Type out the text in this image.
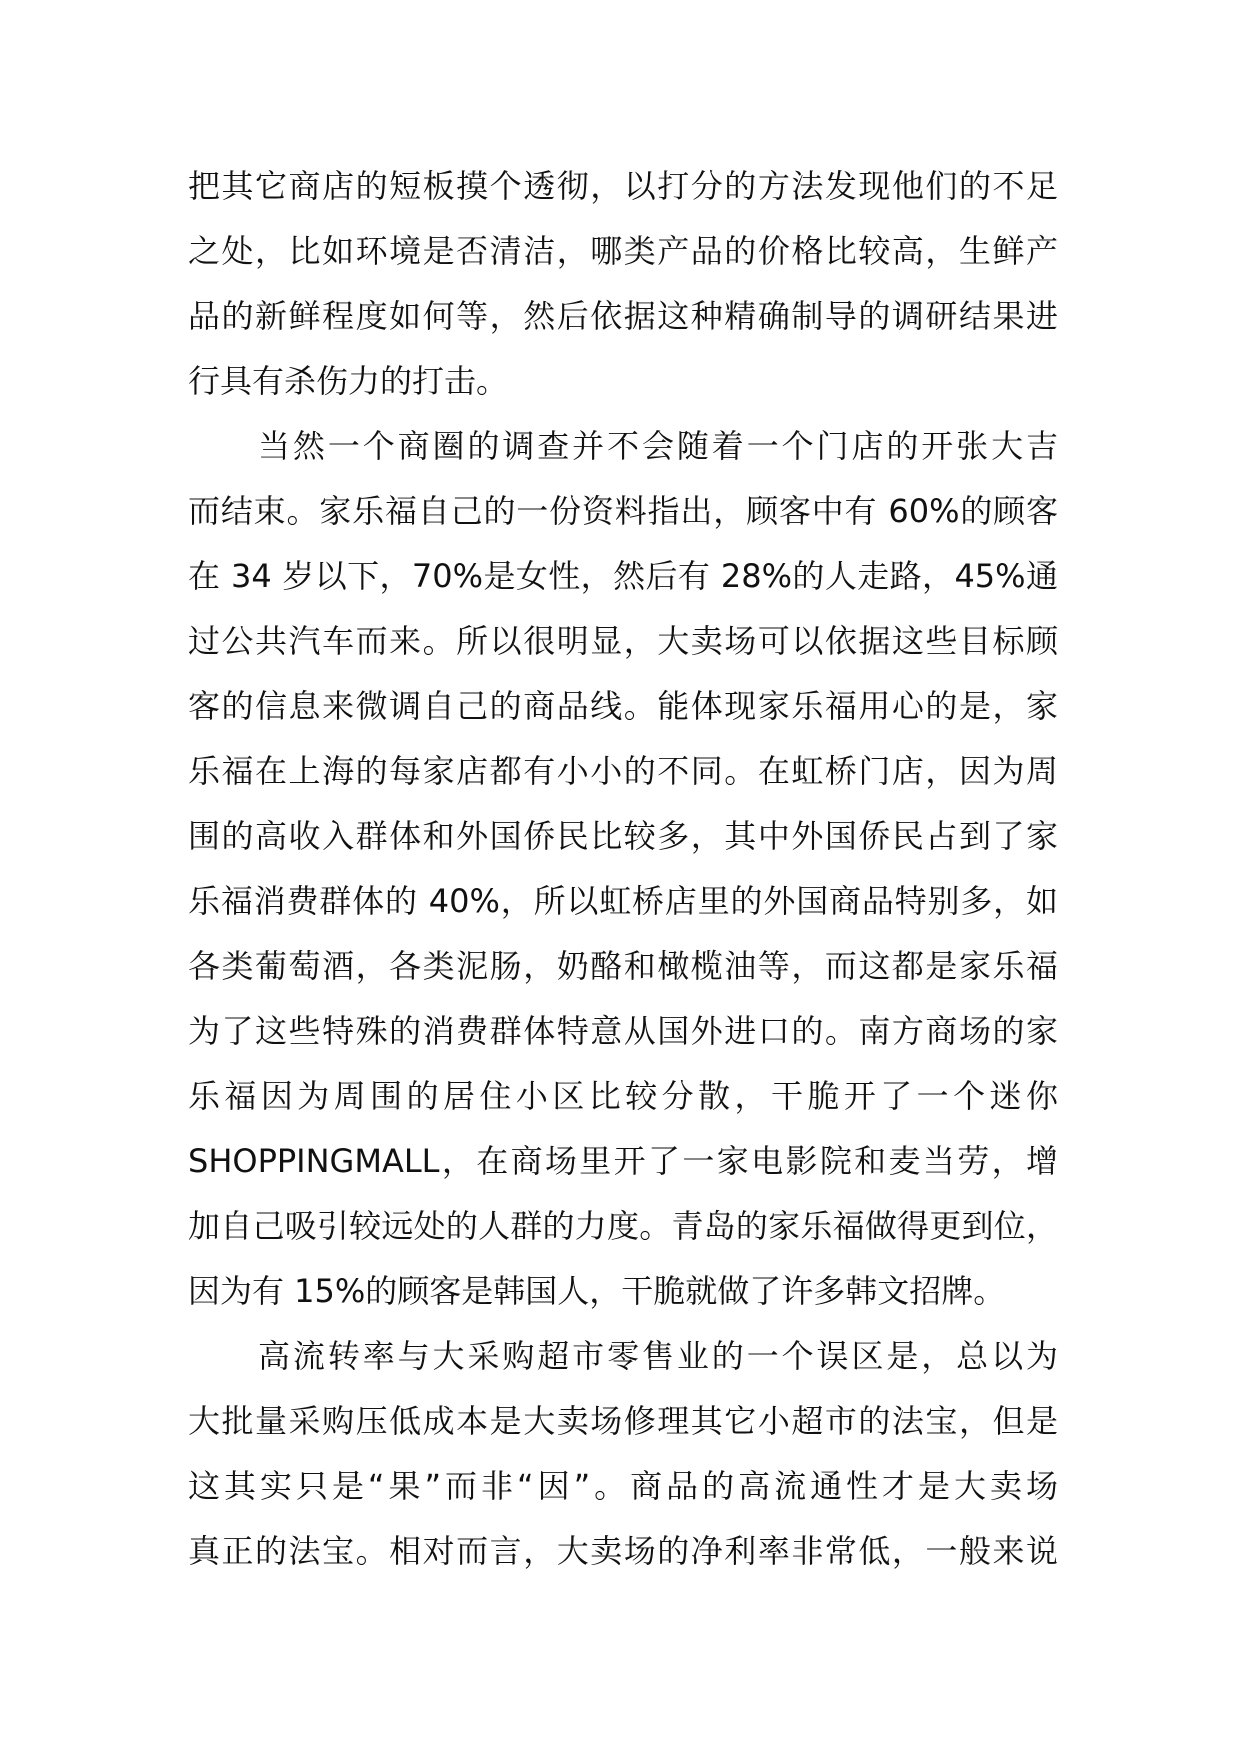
把其它商店的短板摸个透彻，以打分的方法发现他们的不足
之处，比如环境是否清洁，哪类产品的价格比较高，生鲜产
品的新鲜程度如何等，然后依据这种精确制导的调研结果进
行具有杀伤力的打击。
当然一个商圈的调查并不会随着一个门店的开张大吉
而结束。家乐福自己的一份资料指出，顾客中有 60%的顾客
在 34 岁以下，70%是女性，然后有 28%的人走路，45%通
过公共汽车而来。所以很明显，大卖场可以依据这些目标顾
客的信息来微调自己的商品线。能体现家乐福用心的是，家
乐福在上海的每家店都有小小的不同。在虹桥门店，因为周
围的高收入群体和外国侨民比较多，其中外国侨民占到了家
乐福消费群体的 40%，所以虹桥店里的外国商品特别多，如
各类葡萄酒，各类泥肠，奶酪和橄榄油等，而这都是家乐福
为了这些特殊的消费群体特意从国外进口的。南方商场的家
乐福因为周围的居住小区比较分散，干脆开了一个迷你
SHOPPINGMALL，在商场里开了一家电影院和麦当劳，增
加自己吸引较远处的人群的力度。青岛的家乐福做得更到位，
因为有 15%的顾客是韩国人，干脆就做了许多韩文招牌。
高流转率与大采购超市零售业的一个误区是，总以为
大批量采购压低成本是大卖场修理其它小超市的法宝，但是
这其实只是“果”而非“因”。商品的高流通性才是大卖场
真正的法宝。相对而言，大卖场的净利率非常低，一般来说
